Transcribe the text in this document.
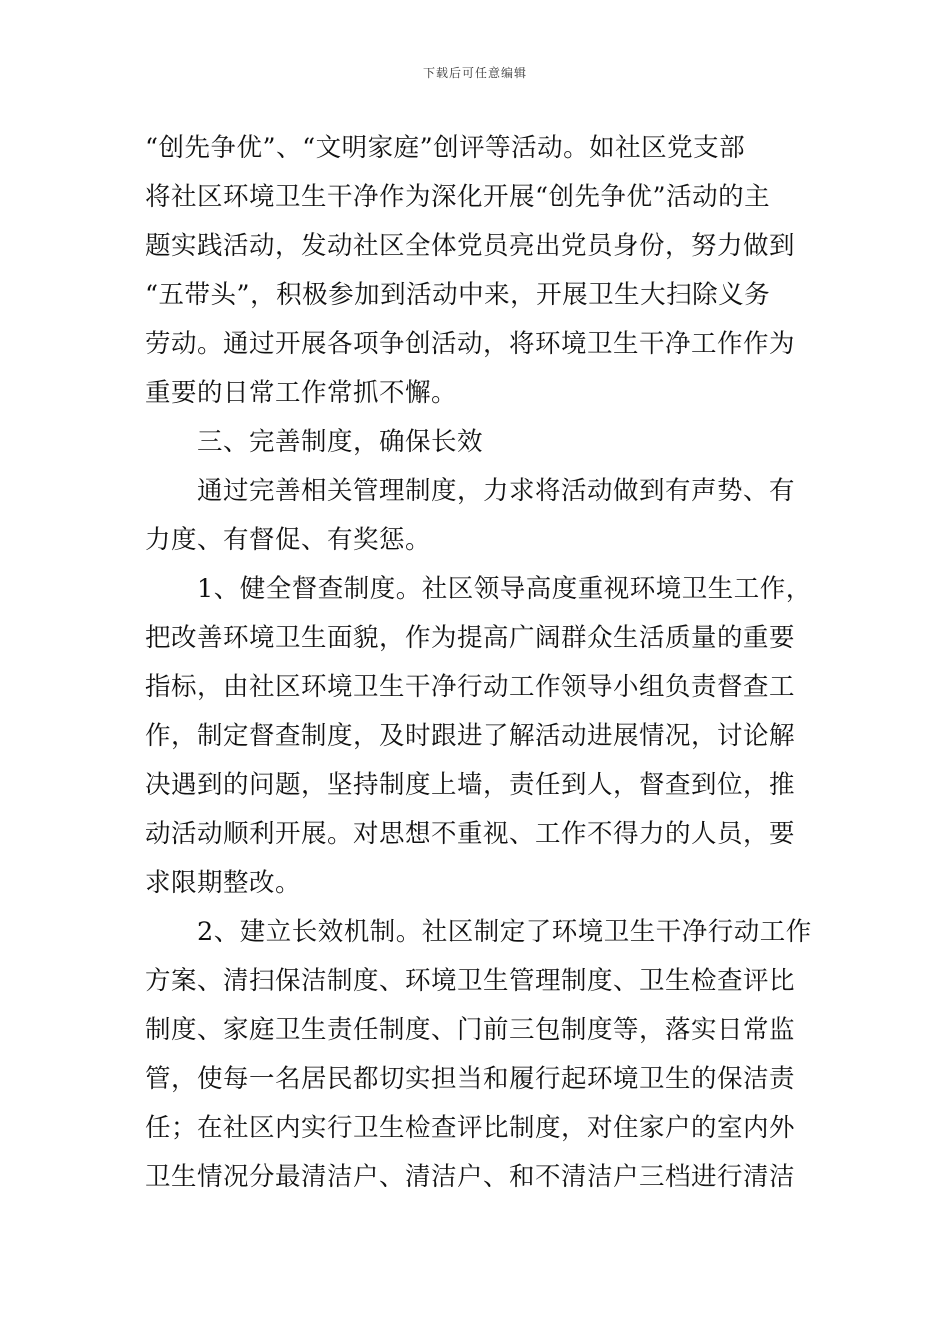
下载后可任意编辑
“创先争优”、“文明家庭”创评等活动。如社区党支部
将社区环境卫生干净作为深化开展“创先争优”活动的主
题实践活动，发动社区全体党员亮出党员身份，努力做到
“五带头”，积极参加到活动中来，开展卫生大扫除义务
劳动。通过开展各项争创活动，将环境卫生干净工作作为
重要的日常工作常抓不懈。
三、完善制度，确保长效
通过完善相关管理制度，力求将活动做到有声势、有
力度、有督促、有奖惩。
1、健全督查制度。社区领导高度重视环境卫生工作，
把改善环境卫生面貌，作为提高广阔群众生活质量的重要
指标，由社区环境卫生干净行动工作领导小组负责督查工
作，制定督查制度，及时跟进了解活动进展情况，讨论解
决遇到的问题，坚持制度上墙，责任到人，督查到位，推
动活动顺利开展。对思想不重视、工作不得力的人员，要
求限期整改。
2、建立长效机制。社区制定了环境卫生干净行动工作
方案、清扫保洁制度、环境卫生管理制度、卫生检查评比
制度、家庭卫生责任制度、门前三包制度等，落实日常监
管，使每一名居民都切实担当和履行起环境卫生的保洁责
任；在社区内实行卫生检查评比制度，对住家户的室内外
卫生情况分最清洁户、清洁户、和不清洁户三档进行清洁
